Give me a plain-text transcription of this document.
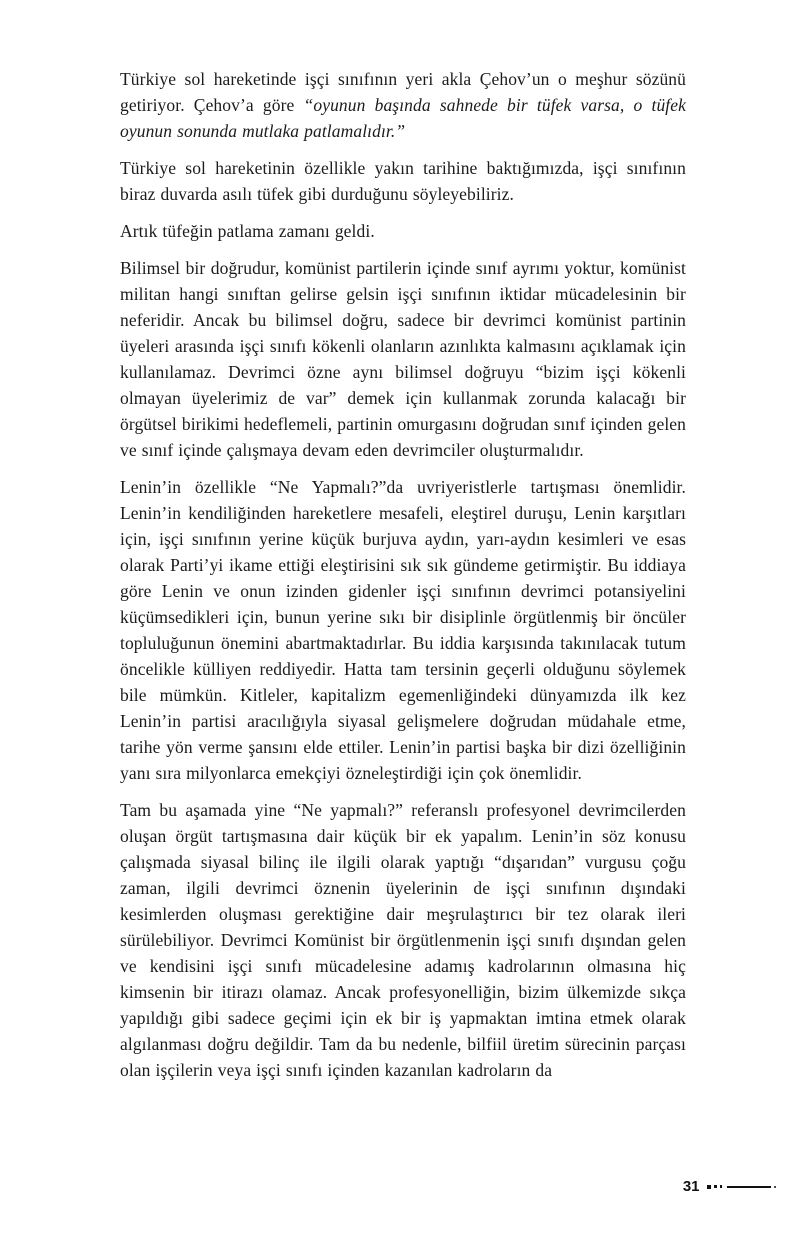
Türkiye sol hareketinde işçi sınıfının yeri akla Çehov’un o meşhur sözünü getiriyor. Çehov’a göre “oyunun başında sahnede bir tüfek varsa, o tüfek oyunun sonunda mutlaka patlamalıdır.”

Türkiye sol hareketinin özellikle yakın tarihine baktığımızda, işçi sınıfının biraz duvarda asılı tüfek gibi durduğunu söyleyebiliriz.

Artık tüfeğin patlama zamanı geldi.

Bilimsel bir doğrudur, komünist partilerin içinde sınıf ayrımı yoktur, komünist militan hangi sınıftan gelirse gelsin işçi sınıfının iktidar mücadelesinin bir neferidir. Ancak bu bilimsel doğru, sadece bir devrimci komünist partinin üyeleri arasında işçi sınıfı kökenli olanların azınlıkta kalmasını açıklamak için kullanılamaz. Devrimci özne aynı bilimsel doğruyu “bizim işçi kökenli olmayan üyelerimiz de var” demek için kullanmak zorunda kalacağı bir örgütsel birikimi hedeflemeli, partinin omurgasını doğrudan sınıf içinden gelen ve sınıf içinde çalışmaya devam eden devrimciler oluşturmalıdır.

Lenin’in özellikle “Ne Yapmalı?”da uvriyeristlerle tartışması önemlidir. Lenin’in kendiliğinden hareketlere mesafeli, eleştirel duruşu, Lenin karşıtları için, işçi sınıfının yerine küçük burjuva aydın, yarı-aydın kesimleri ve esas olarak Parti’yi ikame ettiği eleştirisini sık sık gündeme getirmiştir. Bu iddiaya göre Lenin ve onun izinden gidenler işçi sınıfının devrimci potansiyelini küçümsedikleri için, bunun yerine sıkı bir disiplinle örgütlenmiş bir öncüler topluluğunun önemini abartmaktadırlar. Bu iddia karşısında takınılacak tutum öncelikle külliyen reddiyedir. Hatta tam tersinin geçerli olduğunu söylemek bile mümkün. Kitleler, kapitalizm egemenliğindeki dünyamızda ilk kez Lenin’in partisi aracılığıyla siyasal gelişmelere doğrudan müdahale etme, tarihe yön verme şansını elde ettiler. Lenin’in partisi başka bir dizi özelliğinin yanı sıra milyonlarca emekçiyi özneleştirdiği için çok önemlidir.

Tam bu aşamada yine “Ne yapmalı?” referanslı profesyonel devrimcilerden oluşan örgüt tartışmasına dair küçük bir ek yapalım. Lenin’in söz konusu çalışmada siyasal bilinç ile ilgili olarak yaptığı “dışarıdan” vurgusu çoğu zaman, ilgili devrimci öznenin üyelerinin de işçi sınıfının dışındaki kesimlerden oluşması gerektiğine dair meşrulaştırıcı bir tez olarak ileri sürülebiliyor. Devrimci Komünist bir örgütlenmenin işçi sınıfı dışından gelen ve kendisini işçi sınıfı mücadelesine adamış kadrolarının olmasına hiç kimsenin bir itirazı olamaz. Ancak profesyonelliğin, bizim ülkemizde sıkça yapıldığı gibi sadece geçimi için ek bir iş yapmaktan imtina etmek olarak algılanması doğru değildir. Tam da bu nedenle, bilfiil üretim sürecinin parçası olan işçilerin veya işçi sınıfı içinden kazanılan kadroların da

31
